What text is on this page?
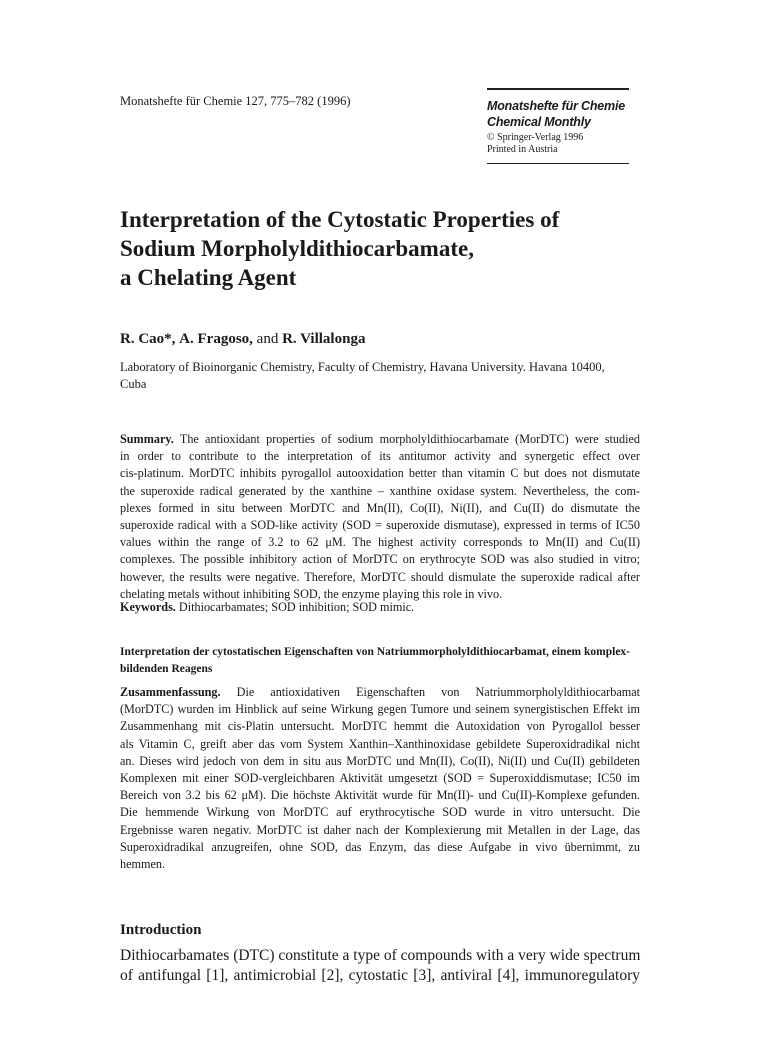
Monatshefte für Chemie 127, 775–782 (1996)	Monatshefte für Chemie
Chemical Monthly
© Springer-Verlag 1996
Printed in Austria
Interpretation of the Cytostatic Properties of
Sodium Morpholyldithiocarbamate,
a Chelating Agent
R. Cao*, A. Fragoso, and R. Villalonga
Laboratory of Bioinorganic Chemistry, Faculty of Chemistry, Havana University. Havana 10400,
Cuba
Summary. The antioxidant properties of sodium morpholyldithiocarbamate (MorDTC) were studied
in order to contribute to the interpretation of its antitumor activity and synergetic effect over
cis-platinum. MorDTC inhibits pyrogallol autooxidation better than vitamin C but does not dismutate
the superoxide radical generated by the xanthine – xanthine oxidase system. Nevertheless, the com-
plexes formed in situ between MorDTC and Mn(II), Co(II), Ni(II), and Cu(II) do dismutate the
superoxide radical with a SOD-like activity (SOD = superoxide dismutase), expressed in terms of IC50
values within the range of 3.2 to 62 μM. The highest activity corresponds to Mn(II) and Cu(II)
complexes. The possible inhibitory action of MorDTC on erythrocyte SOD was also studied in vitro;
however, the results were negative. Therefore, MorDTC should dismulate the superoxide radical after
chelating metals without inhibiting SOD, the enzyme playing this role in vivo.
Keywords. Dithiocarbamates; SOD inhibition; SOD mimic.
Interpretation der cytostatischen Eigenschaften von Natriummorpholyldithiocarbamat, einem komplex-
bildenden Reagens
Zusammenfassung. Die antioxidativen Eigenschaften von Natriummorpholyldithiocarbamat
(MorDTC) wurden im Hinblick auf seine Wirkung gegen Tumore und seinem synergistischen Effekt im
Zusammenhang mit cis-Platin untersucht. MorDTC hemmt die Autoxidation von Pyrogallol besser
als Vitamin C, greift aber das vom System Xanthin–Xanthinoxidase gebildete Superoxidradikal nicht
an. Dieses wird jedoch von dem in situ aus MorDTC und Mn(II), Co(II), Ni(II) und Cu(II) gebildeten
Komplexen mit einer SOD-vergleichbaren Aktivität umgesetzt (SOD = Superoxiddismutase; IC50 im
Bereich von 3.2 bis 62 μM). Die höchste Aktivität wurde für Mn(II)- und Cu(II)-Komplexe gefunden.
Die hemmende Wirkung von MorDTC auf erythrocytische SOD wurde in vitro untersucht. Die
Ergebnisse waren negativ. MorDTC ist daher nach der Komplexierung mit Metallen in der Lage, das
Superoxidradikal anzugreifen, ohne SOD, das Enzym, das diese Aufgabe in vivo übernimmt, zu
hemmen.
Introduction
Dithiocarbamates (DTC) constitute a type of compounds with a very wide spectrum
of antifungal [1], antimicrobial [2], cytostatic [3], antiviral [4], immunoregulatory
